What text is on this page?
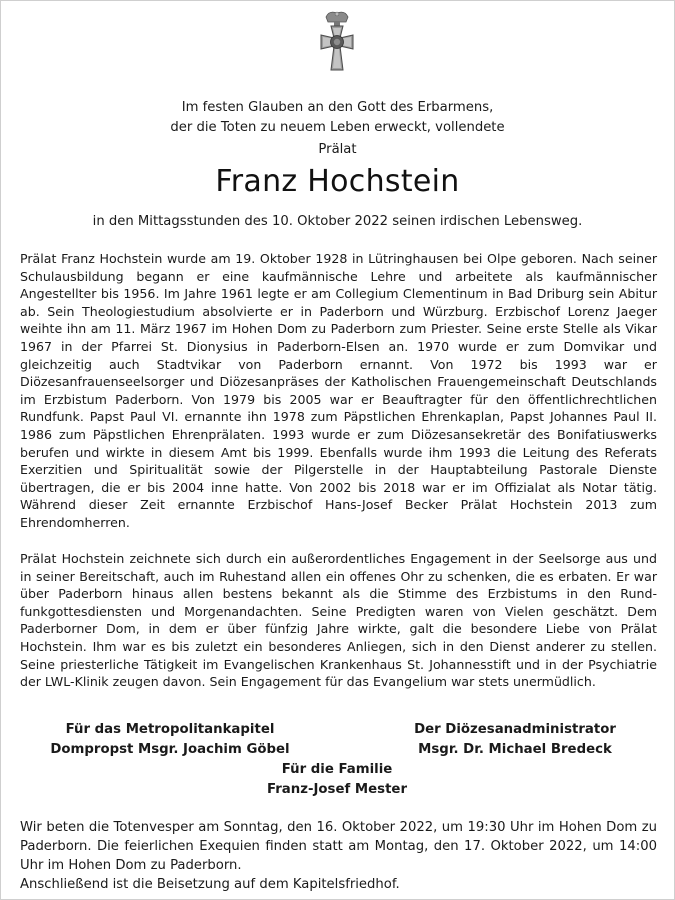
Im festen Glauben an den Gott des Erbarmens,
der die Toten zu neuem Leben erweckt, vollendete
Prälat
Franz Hochstein
in den Mittagsstunden des 10. Oktober 2022 seinen irdischen Lebensweg.
Prälat Franz Hochstein wurde am 19. Oktober 1928 in Lütringhausen bei Olpe geboren. Nach seiner Schulausbildung begann er eine kaufmännische Lehre und arbeitete als kaufmännischer Angestellter bis 1956. Im Jahre 1961 legte er am Collegium Clementinum in Bad Driburg sein Abitur ab. Sein Theologiestudium absolvierte er in Paderborn und Würzburg. Erzbischof Lorenz Jaeger weihte ihn am 11. März 1967 im Hohen Dom zu Paderborn zum Priester. Seine erste Stelle als Vikar 1967 in der Pfarrei St. Dionysius in Paderborn-Elsen an. 1970 wurde er zum Domvikar und gleichzeitig auch Stadtvikar von Paderborn ernannt. Von 1972 bis 1993 war er Diözesanfrauenseelsorger und Diözesanpräses der Katholischen Frauengemeinschaft Deutschlands im Erzbistum Paderborn. Von 1979 bis 2005 war er Beauftragter für den öffentlichrechtlichen Rundfunk. Papst Paul VI. ernannte ihn 1978 zum Päpstlichen Ehrenkaplan, Papst Johannes Paul II. 1986 zum Päpstlichen Ehrenprälaten. 1993 wurde er zum Diözesansekretär des Bonifatiuswerks berufen und wirkte in diesem Amt bis 1999. Ebenfalls wurde ihm 1993 die Leitung des Referats Exerzitien und Spiritualität sowie der Pilgerstelle in der Hauptabteilung Pastorale Dienste übertragen, die er bis 2004 inne hatte. Von 2002 bis 2018 war er im Offizialat als Notar tätig. Während dieser Zeit ernannte Erzbischof Hans-Josef Becker Prälat Hochstein 2013 zum Ehrendomherren.
Prälat Hochstein zeichnete sich durch ein außerordentliches Engagement in der Seelsorge aus und in seiner Bereitschaft, auch im Ruhestand allen ein offenes Ohr zu schenken, die es erbaten. Er war über Paderborn hinaus allen bestens bekannt als die Stimme des Erzbistums in den Rundfunkgottesdiensten und Morgenandachten. Seine Predigten waren von Vielen geschätzt. Dem Paderborner Dom, in dem er über fünfzig Jahre wirkte, galt die besondere Liebe von Prälat Hochstein. Ihm war es bis zuletzt ein besonderes Anliegen, sich in den Dienst anderer zu stellen. Seine priesterliche Tätigkeit im Evangelischen Krankenhaus St. Johannesstift und in der Psychiatrie der LWL-Klinik zeugen davon. Sein Engagement für das Evangelium war stets unermüdlich.
Für das Metropolitankapitel
Dompropst Msgr. Joachim Göbel
Der Diözesanadministrator
Msgr. Dr. Michael Bredeck
Für die Familie
Franz-Josef Mester
Wir beten die Totenvesper am Sonntag, den 16. Oktober 2022, um 19:30 Uhr im Hohen Dom zu Paderborn. Die feierlichen Exequien finden statt am Montag, den 17. Oktober 2022, um 14:00 Uhr im Hohen Dom zu Paderborn.
Anschließend ist die Beisetzung auf dem Kapitelsfriedhof.
